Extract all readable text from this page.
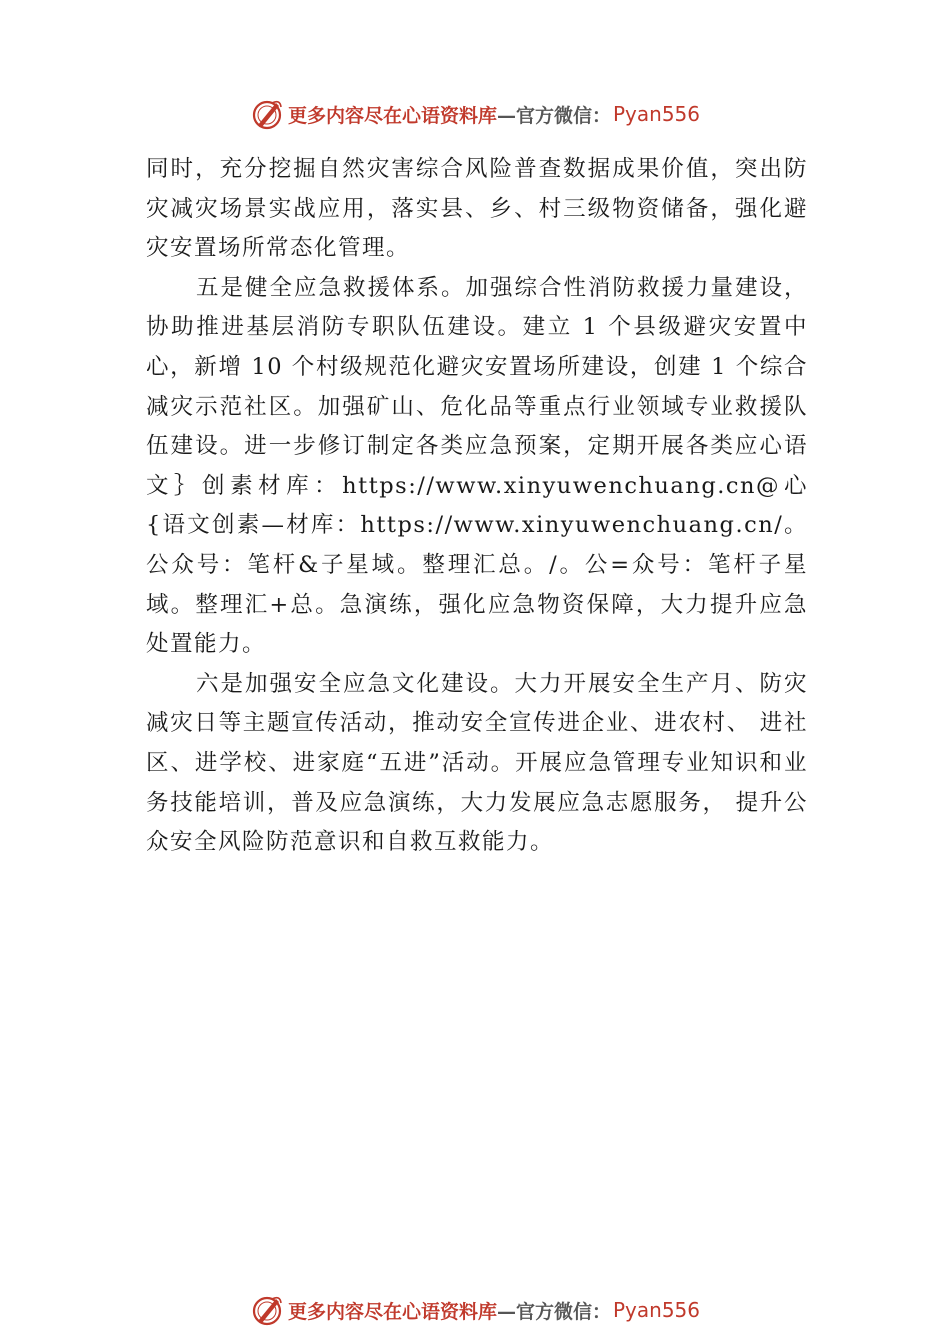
更多内容尽在心语资料库 —官方微信： Pyan556

同时，充分挖掘自然灾害综合风险普查数据成果价值，突出防灾减灾场景实战应用，落实县、乡、村三级物资储备，强化避灾安置场所常态化管理。

五是健全应急救援体系。加强综合性消防救援力量建设，协助推进基层消防专职队伍建设。建立 1 个县级避灾安置中心，新增 10 个村级规范化避灾安置场所建设，创建 1 个综合减灾示范社区。加强矿山、危化品等重点行业领域专业救援队伍建设。进一步修订制定各类应急预案，定期开展各类应心语文｝创素材库：https://www.xinyuwenchuang.cn@心{语文创素—材库：https://www.xinyuwenchuang.cn/。公众号：笔杆&子星域。整理汇总。/。公=众号：笔杆子星域。整理汇+总。急演练，强化应急物资保障，大力提升应急处置能力。

六是加强安全应急文化建设。大力开展安全生产月、防灾减灾日等主题宣传活动，推动安全宣传进企业、进农村、 进社区、进学校、进家庭“五进”活动。开展应急管理专业知识和业务技能培训，普及应急演练，大力发展应急志愿服务， 提升公众安全风险防范意识和自救互救能力。

更多内容尽在心语资料库 —官方微信： Pyan556
